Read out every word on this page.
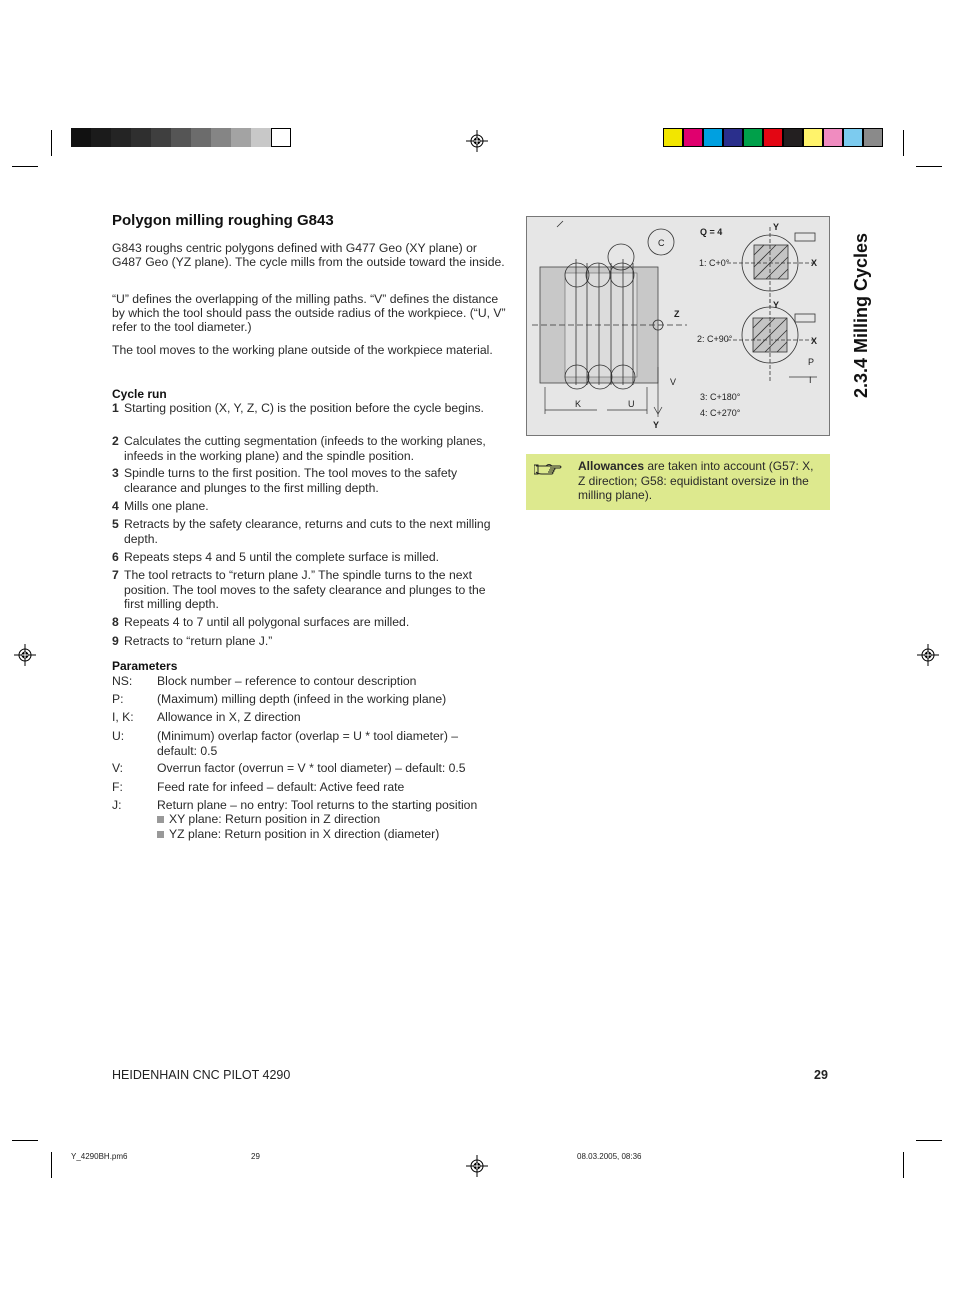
Polygon milling roughing G843

G843 roughs centric polygons defined with G477 Geo (XY plane) or G487 Geo (YZ plane). The cycle mills from the outside toward the inside.

“U” defines the overlapping of the milling paths. “V” defines the distance by which the tool should pass the outside radius of the workpiece. (“U, V” refer to the tool diameter.)

The tool moves to the working plane outside of the workpiece material.

Cycle run
1 Starting position (X, Y, Z, C) is the position before the cycle begins.
2 Calculates the cutting segmentation (infeeds to the working planes, infeeds in the working plane) and the spindle position.
3 Spindle turns to the first position. The tool moves to the safety clearance and plunges to the first milling depth.
4 Mills one plane.
5 Retracts by the safety clearance, returns and cuts to the next milling depth.
6 Repeats steps 4 and 5 until the complete surface is milled.
7 The tool retracts to “return plane J.” The spindle turns to the next position. The tool moves to the safety clearance and plunges to the first milling depth.
8 Repeats 4 to 7 until all polygonal surfaces are milled.
9 Retracts to “return plane J.”
Parameters
NS: Block number – reference to contour description
P:	(Maximum) milling depth (infeed in the working plane)
I, K: Allowance in X, Z direction
U:	(Minimum) overlap factor (overlap = U * tool diameter) – default: 0.5
V:	Overrun factor (overrun = V * tool diameter) – default: 0.5
F:	Feed rate for infeed – default: Active feed rate
J:	Return plane – no entry: Tool returns to the starting position
XY plane: Return position in Z direction
YZ plane: Return position in X direction (diameter)
Q = 4
1: C+0°
2: C+90°
3: C+180°
4: C+270°
Y
X
Y
X
Z
Y
K	U
V
P
I
C
Allowances are taken into account (G57: X, Z direction; G58: equidistant oversize in the milling plane).
2.3.4 Milling Cycles
HEIDENHAIN CNC PILOT 4290	29
Y_4290BH.pm6	29	08.03.2005, 08:36
